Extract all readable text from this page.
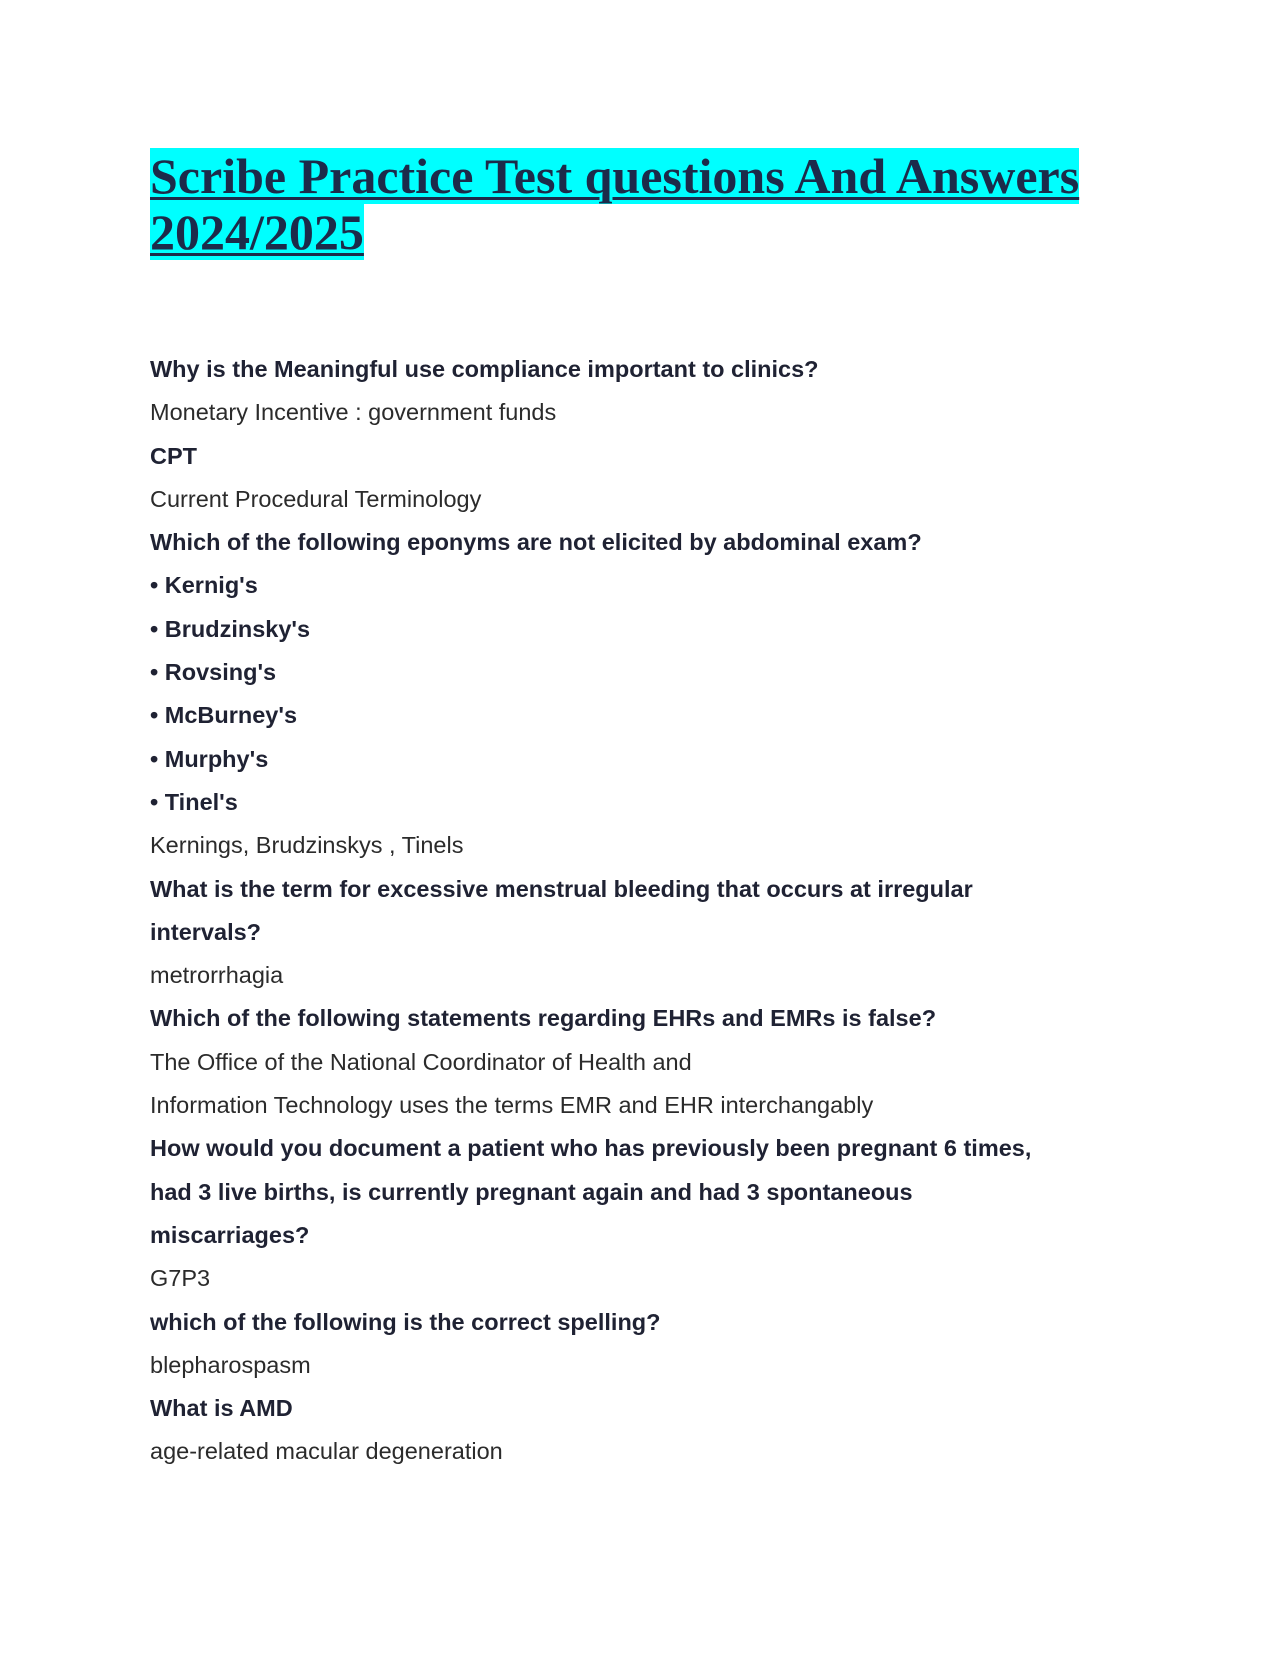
Scribe Practice Test questions And Answers
2024/2025
Why is the Meaningful use compliance important to clinics?
Monetary Incentive : government funds
CPT
Current Procedural Terminology
Which of the following eponyms are not elicited by abdominal exam?
• Kernig's
• Brudzinsky's
• Rovsing's
• McBurney's
• Murphy's
• Tinel's
Kernings, Brudzinskys , Tinels
What is the term for excessive menstrual bleeding that occurs at irregular
intervals?
metrorrhagia
Which of the following statements regarding EHRs and EMRs is false?
The Office of the National Coordinator of Health and
Information Technology uses the terms EMR and EHR interchangably
How would you document a patient who has previously been pregnant 6 times,
had 3 live births, is currently pregnant again and had 3 spontaneous
miscarriages?
G7P3
which of the following is the correct spelling?
blepharospasm
What is AMD
age-related macular degeneration
